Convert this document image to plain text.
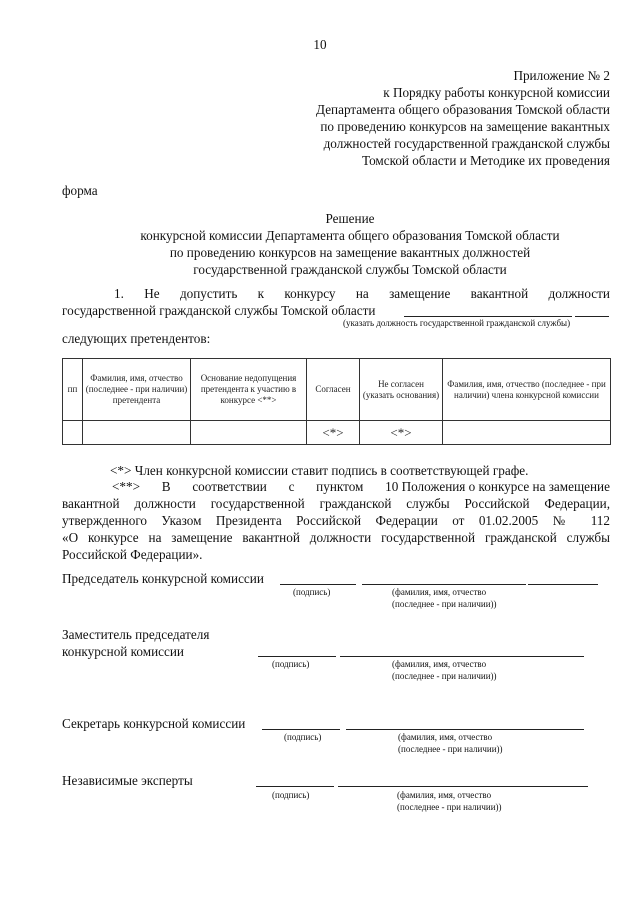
10
Приложение № 2
к Порядку работы конкурсной комиссии
Департамента общего образования Томской области
по проведению конкурсов на замещение вакантных
должностей государственной гражданской службы
Томской области и Методике их проведения
форма
Решение
конкурсной комиссии Департамента общего образования Томской области
по проведению конкурсов на замещение вакантных должностей
государственной гражданской службы Томской области
1. Не допустить к конкурсу на замещение вакантной должности
государственной гражданской службы Томской области
(указать должность государственной гражданской службы)
следующих претендентов:
пп	Фамилия, имя, отчество (последнее - при наличии) претендента	Основание недопущения претендента к участию в конкурсе <**>	Согласен	Не согласен (указать основания)	Фамилия, имя, отчество (последнее - при наличии) члена конкурсной комиссии
			<*>	<*>	
<*> Член конкурсной комиссии ставит подпись в соответствующей графе.
<**> В соответствии с пунктом 10 Положения о конкурсе на замещение
вакантной должности государственной гражданской службы Российской Федерации,
утвержденного Указом Президента Российской Федерации от 01.02.2005 № 112
«О конкурсе на замещение вакантной должности государственной гражданской службы
Российской Федерации».
Председатель конкурсной комиссии
(подпись)	(фамилия, имя, отчество
(последнее - при наличии))
Заместитель председателя
конкурсной комиссии
(подпись)	(фамилия, имя, отчество
(последнее - при наличии))
Секретарь конкурсной комиссии
(подпись)	(фамилия, имя, отчество
(последнее - при наличии))
Независимые эксперты
(подпись)	(фамилия, имя, отчество
(последнее - при наличии))
